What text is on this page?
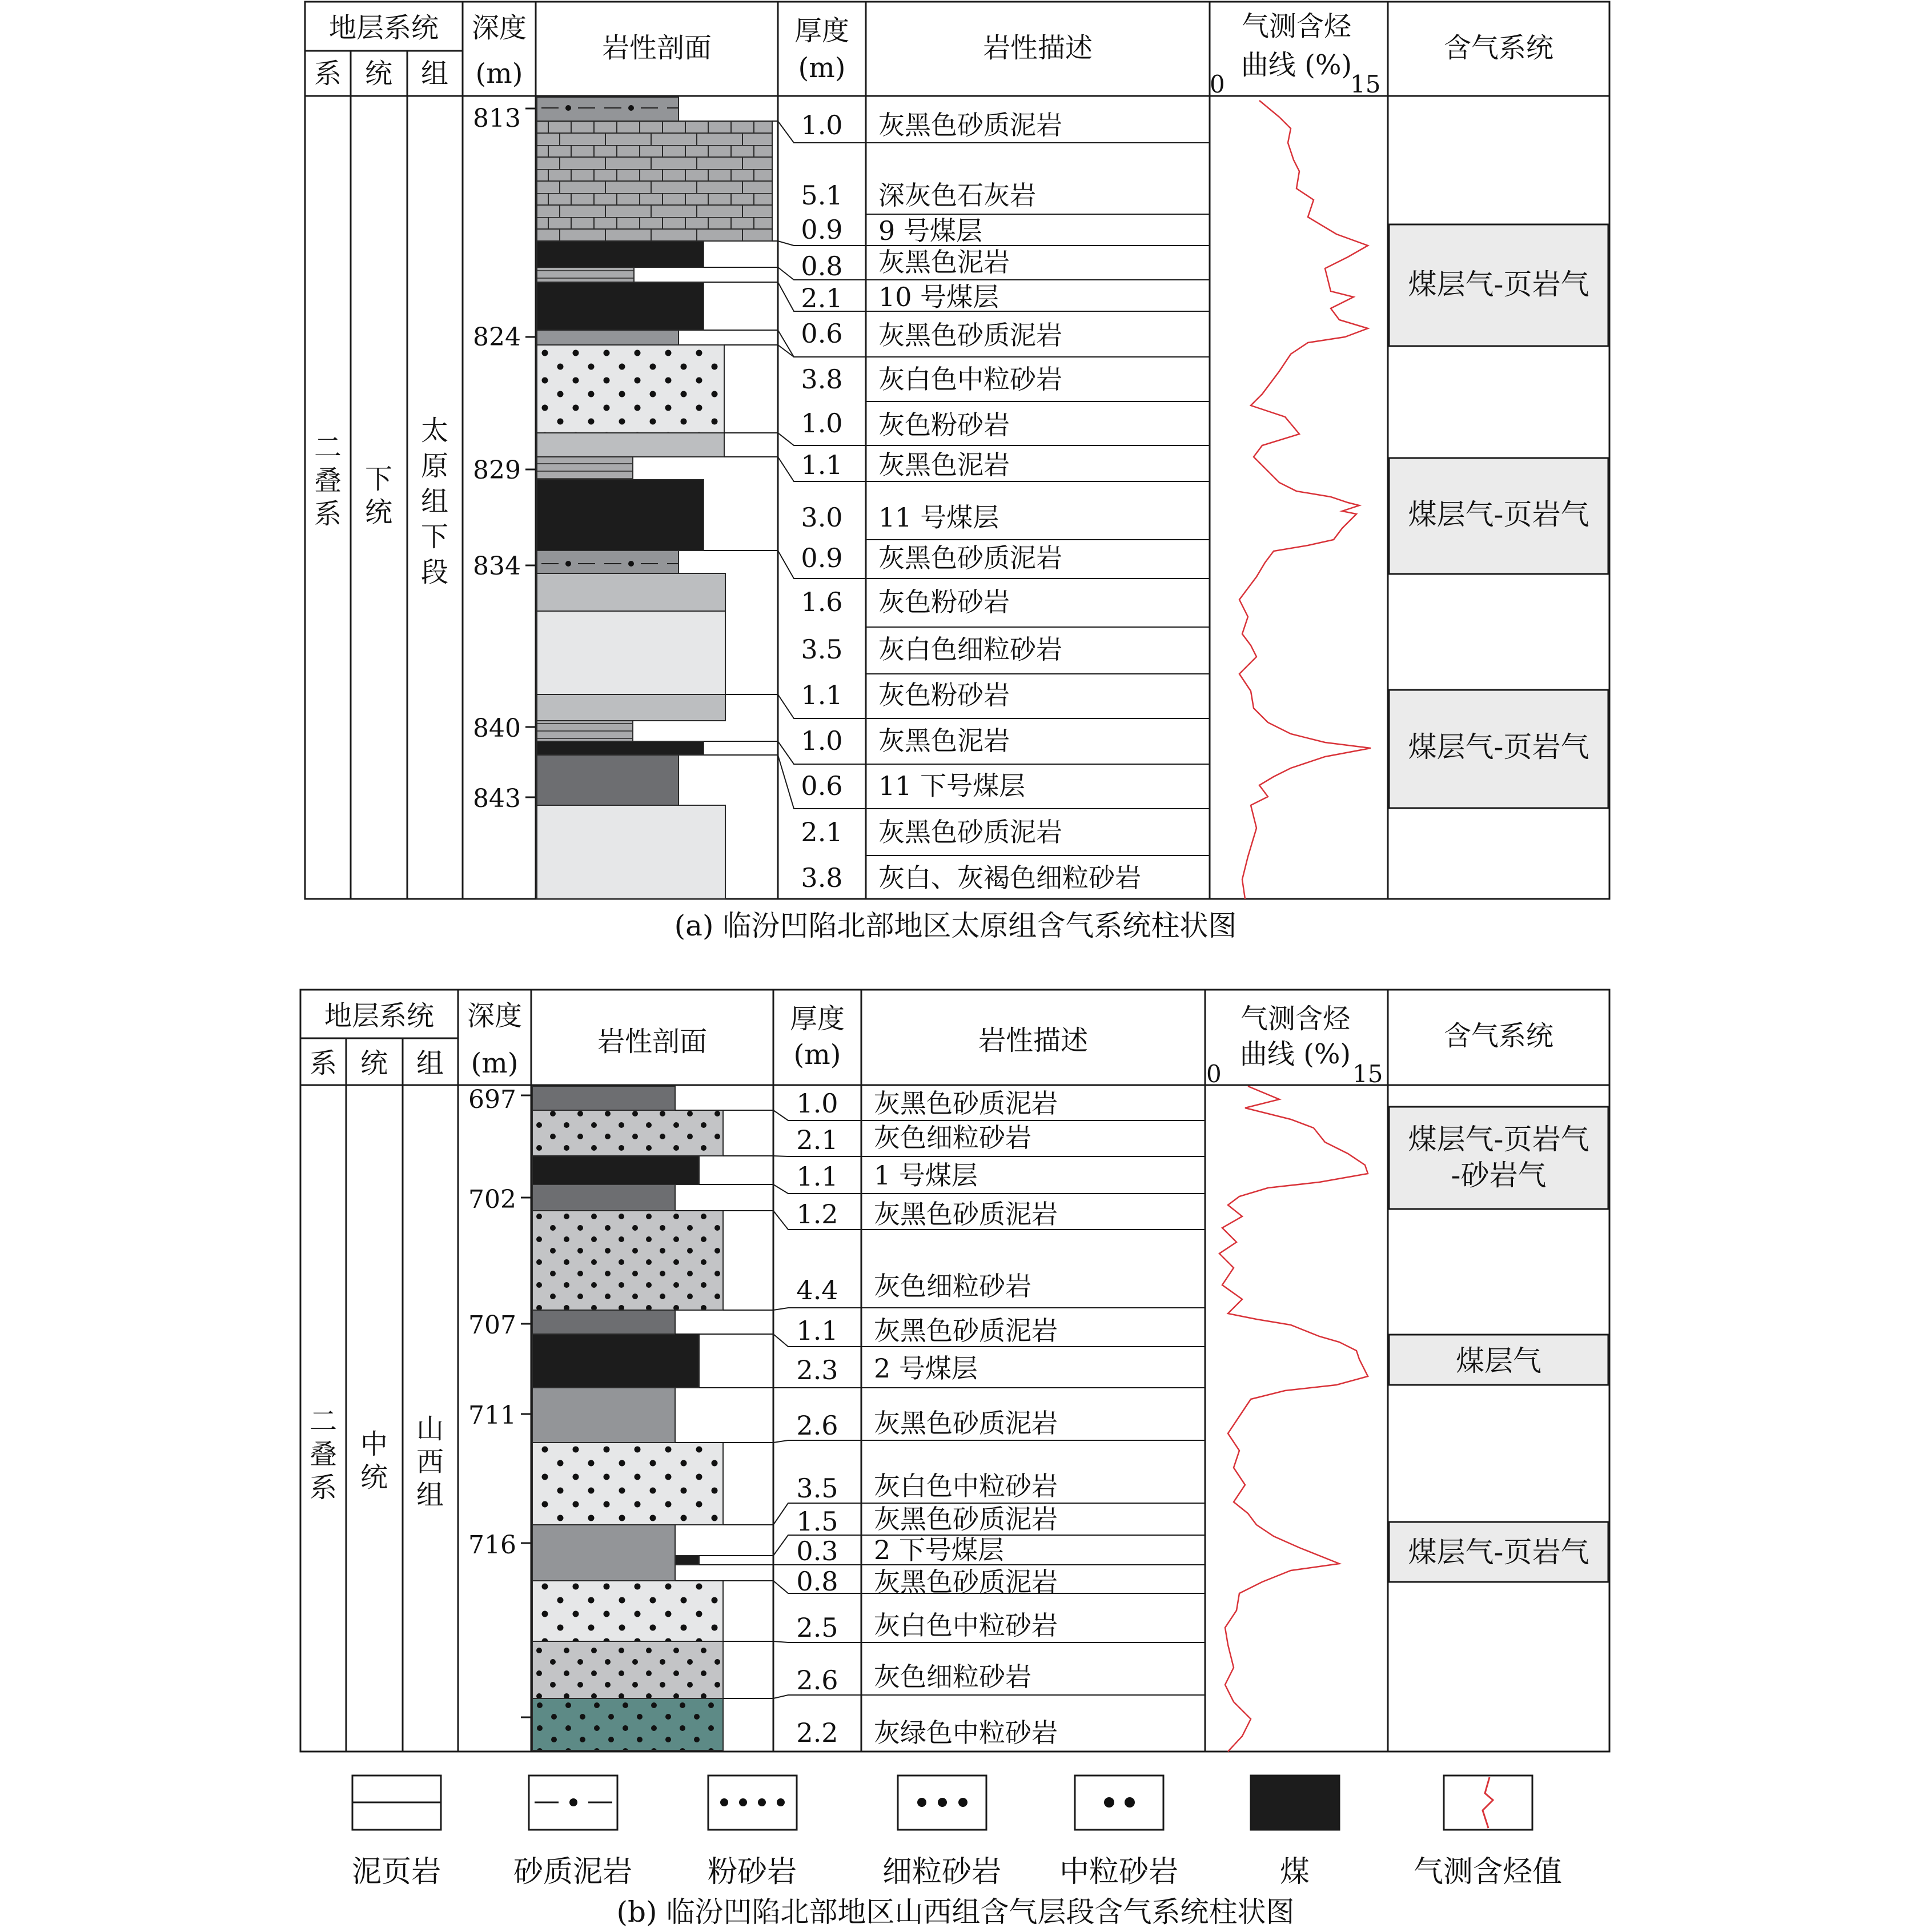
地层系统
系 统 组
深度
(m)
岩性剖面
厚度
(m)
岩性描述
气测含烃
曲线 (%)
含气系统
0	15
二叠系
下统
太原组下段
813
824
829
834
840
843
1.0 灰黑色砂质泥岩
5.1 深灰色石灰岩
0.9 9 号煤层
0.8 灰黑色泥岩
2.1 10 号煤层
0.6 灰黑色砂质泥岩
3.8 灰白色中粒砂岩
1.0 灰色粉砂岩
1.1 灰黑色泥岩
3.0 11 号煤层
0.9 灰黑色砂质泥岩
1.6 灰色粉砂岩
3.5 灰白色细粒砂岩
1.1 灰色粉砂岩
1.0 灰黑色泥岩
0.6 11 下号煤层
2.1 灰黑色砂质泥岩
3.8 灰白、灰褐色细粒砂岩
煤层气-页岩气
煤层气-页岩气
煤层气-页岩气
(a) 临汾凹陷北部地区太原组含气系统柱状图
地层系统
系 统 组
深度
(m)
岩性剖面
厚度
(m)	岩性描述
气测含烃
曲线 (%)
含气系统
0	15
二叠系
中统
山西组
697
702
707
711
716
1.0 灰黑色砂质泥岩
2.1 灰色细粒砂岩
1.1 1 号煤层
1.2 灰黑色砂质泥岩
4.4 灰色细粒砂岩
1.1 灰黑色砂质泥岩
2.3 2 号煤层
2.6 灰黑色砂质泥岩
3.5 灰白色中粒砂岩
1.5 灰黑色砂质泥岩
0.3 2 下号煤层
0.8 灰黑色砂质泥岩
2.5 灰白色中粒砂岩
2.6 灰色细粒砂岩
2.2 灰绿色中粒砂岩
煤层气-页岩气
-砂岩气
煤层气
煤层气-页岩气
泥页岩 砂质泥岩	粉砂岩	细粒砂岩 中粒砂岩	煤	气测含烃值
(b) 临汾凹陷北部地区山西组含气层段含气系统柱状图
